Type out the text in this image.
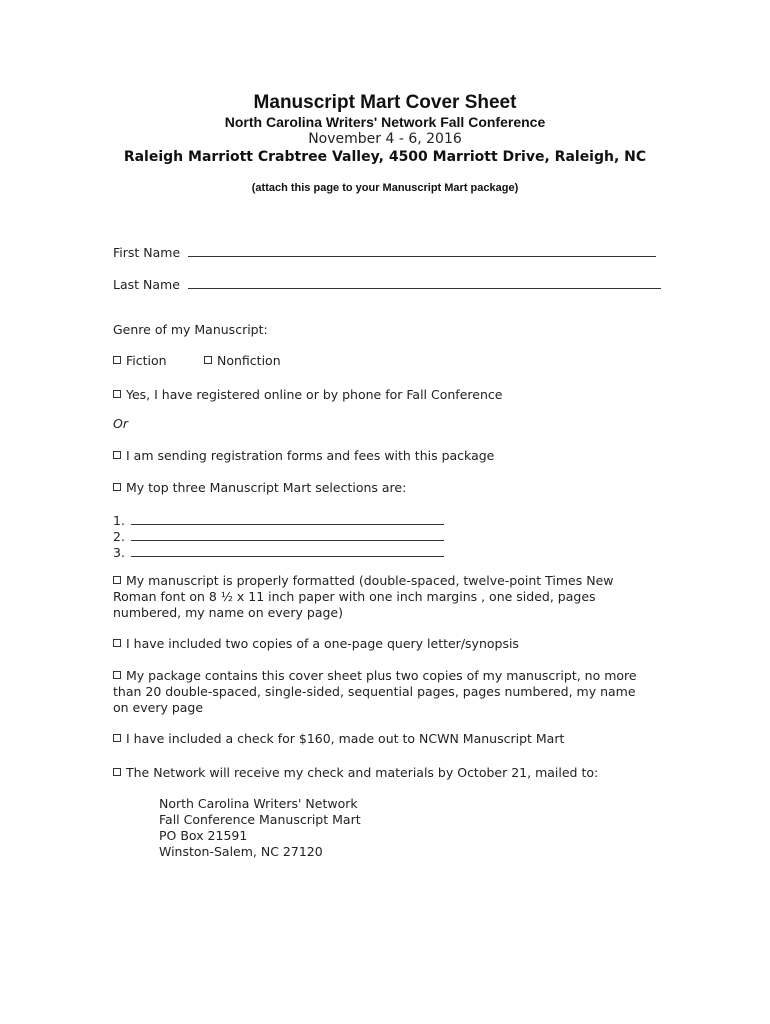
Manuscript Mart Cover Sheet
North Carolina Writers' Network Fall Conference
November 4 - 6, 2016
Raleigh Marriott Crabtree Valley, 4500 Marriott Drive, Raleigh, NC
(attach this page to your Manuscript Mart package)
First Name
Last Name
Genre of my Manuscript:
Fiction	Nonfiction
Yes, I have registered online or by phone for Fall Conference
Or
I am sending registration forms and fees with this package
My top three Manuscript Mart selections are:
1.
2.
3.
My manuscript is properly formatted (double-spaced, twelve-point Times New Roman font on 8 ½ x 11 inch paper with one inch margins , one sided, pages numbered, my name on every page)
I have included two copies of a one-page query letter/synopsis
My package contains this cover sheet plus two copies of my manuscript, no more than 20 double-spaced, single-sided, sequential pages, pages numbered, my name on every page
I have included a check for $160, made out to NCWN Manuscript Mart
The Network will receive my check and materials by October 21, mailed to:
North Carolina Writers' Network
Fall Conference Manuscript Mart
PO Box 21591
Winston-Salem, NC 27120
